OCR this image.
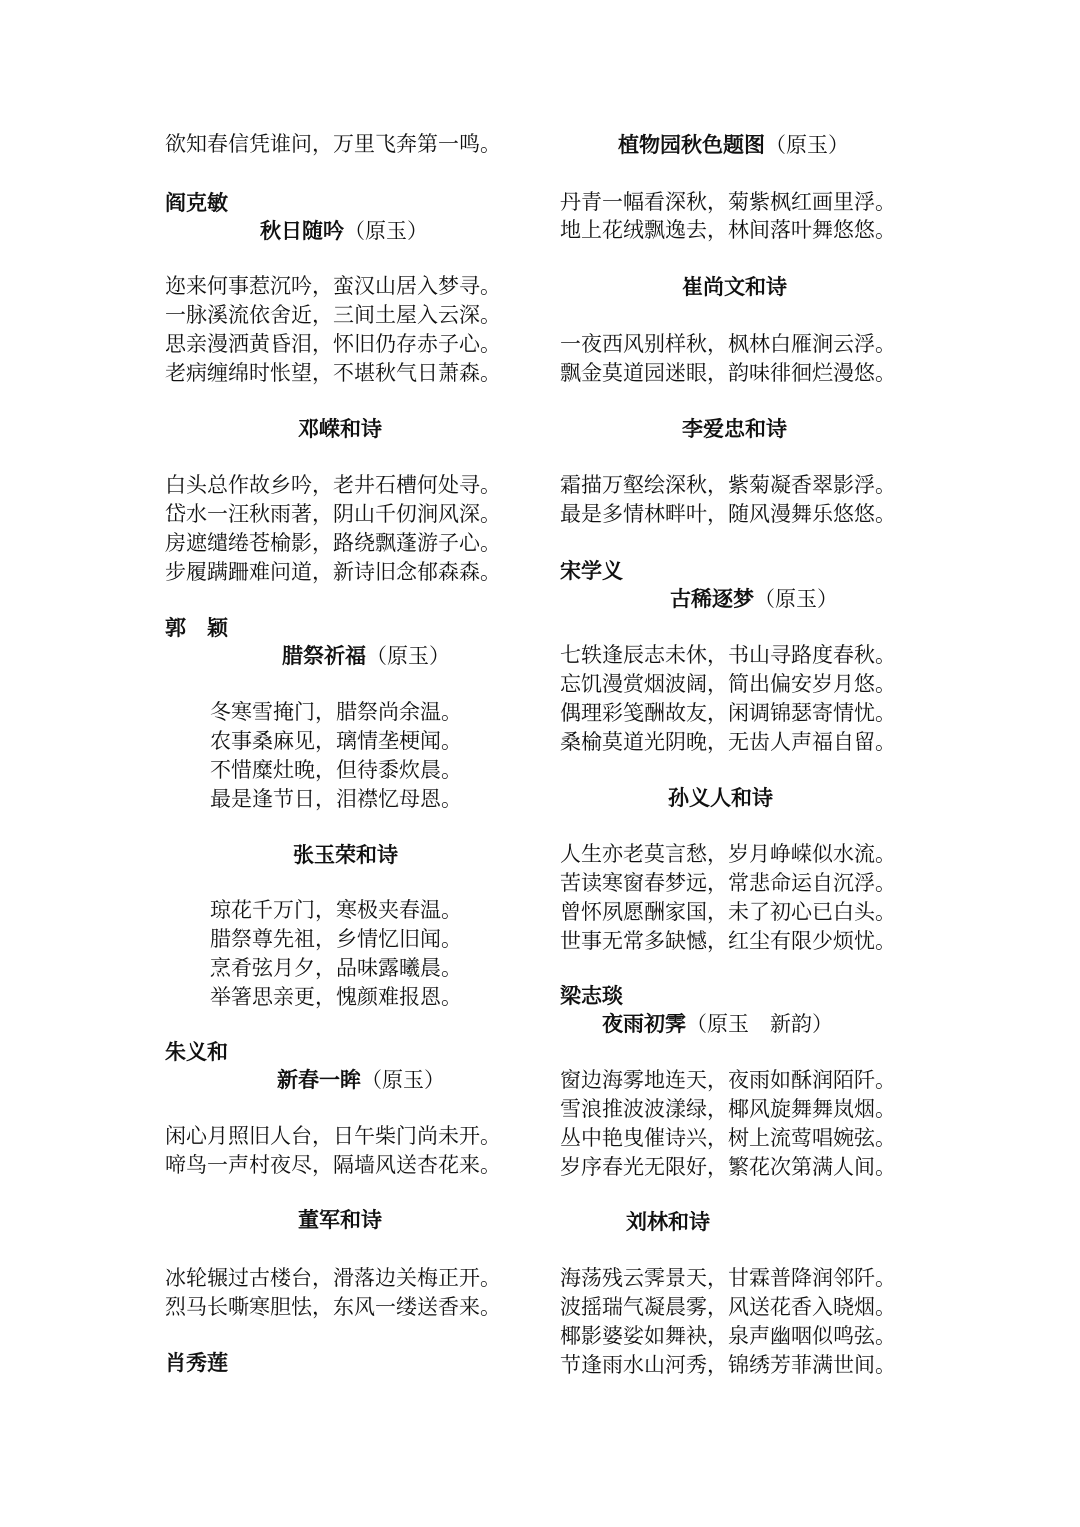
欲知春信凭谁问，万里飞奔第一鸣。
阎克敏
秋日随吟（原玉）
迩来何事惹沉吟，蛮汉山居入梦寻。
一脉溪流依舍近，三间土屋入云深。
思亲漫洒黄昏泪，怀旧仍存赤子心。
老病缠绵时怅望，不堪秋气日萧森。
邓嵘和诗
白头总作故乡吟，老井石槽何处寻。
岱水一汪秋雨著，阴山千仞涧风深。
房遮缱绻苍榆影，路绕飘蓬游子心。
步履蹒跚难问道，新诗旧念郁森森。
郭　颖
腊祭祈福（原玉）
冬寒雪掩门，腊祭尚余温。
农事桑麻见，璃情垄梗闻。
不惜糜灶晚，但待黍炊晨。
最是逢节日，泪襟忆母恩。
张玉荣和诗
琼花千万门，寒极夹春温。
腊祭尊先祖，乡情忆旧闻。
烹肴弦月夕，品味露曦晨。
举箸思亲更，愧颜难报恩。
朱义和
新春一眸（原玉）
闲心月照旧人台，日午柴门尚未开。
啼鸟一声村夜尽，隔墙风送杏花来。
董军和诗
冰轮辗过古楼台，滑落边关梅正开。
烈马长嘶寒胆怯，东风一缕送香来。
肖秀莲
植物园秋色题图（原玉）
丹青一幅看深秋，菊紫枫红画里浮。
地上花绒飘逸去，林间落叶舞悠悠。
崔尚文和诗
一夜西风别样秋，枫林白雁涧云浮。
飘金莫道园迷眼，韵味徘徊烂漫悠。
李爱忠和诗
霜描万壑绘深秋，紫菊凝香翠影浮。
最是多情林畔叶，随风漫舞乐悠悠。
宋学义
古稀逐梦（原玉）
七轶逢辰志未休，书山寻路度春秋。
忘饥漫赏烟波阔，简出偏安岁月悠。
偶理彩笺酬故友，闲调锦瑟寄情忧。
桑榆莫道光阴晚，无齿人声福自留。
孙义人和诗
人生亦老莫言愁，岁月峥嵘似水流。
苦读寒窗春梦远，常悲命运自沉浮。
曾怀夙愿酬家国，未了初心已白头。
世事无常多缺憾，红尘有限少烦忧。
梁志琰
夜雨初霁（原玉　新韵）
窗边海雾地连天，夜雨如酥润陌阡。
雪浪推波波漾绿，椰风旋舞舞岚烟。
丛中艳曳催诗兴，树上流莺唱婉弦。
岁序春光无限好，繁花次第满人间。
刘林和诗
海荡残云霁景天，甘霖普降润邻阡。
波摇瑞气凝晨雾，风送花香入晓烟。
椰影婆娑如舞袂，泉声幽咽似鸣弦。
节逢雨水山河秀，锦绣芳菲满世间。
